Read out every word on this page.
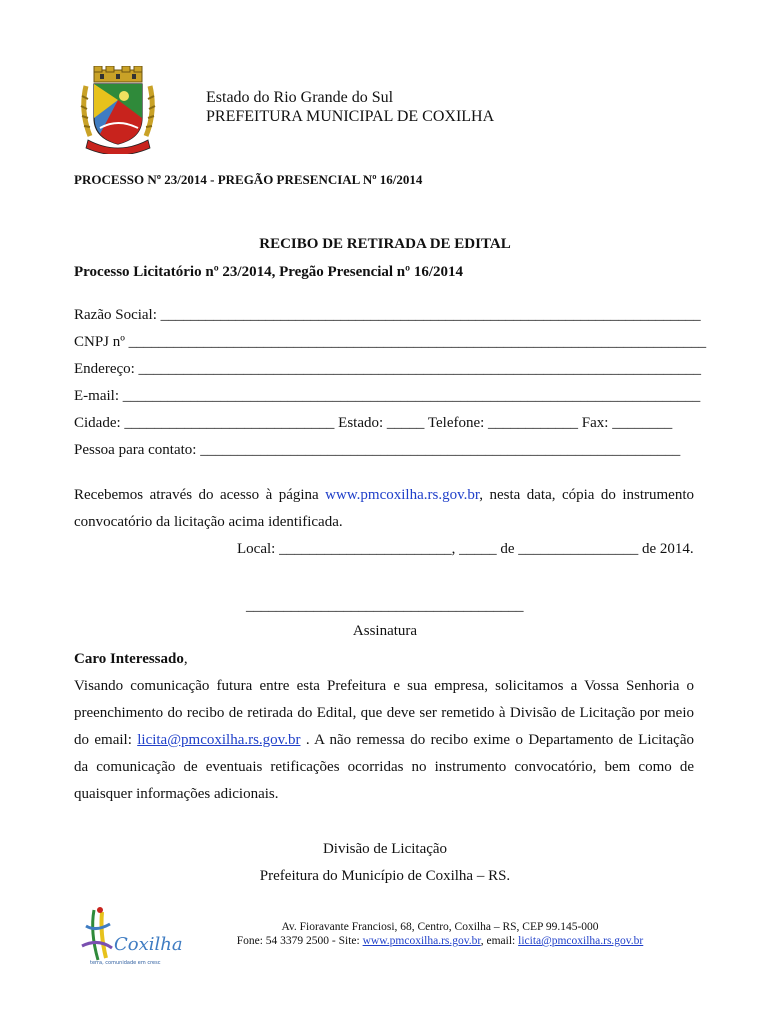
Estado do Rio Grande do Sul
PREFEITURA MUNICIPAL DE COXILHA
PROCESSO Nº 23/2014 - PREGÃO PRESENCIAL Nº 16/2014
RECIBO DE RETIRADA DE EDITAL
Processo Licitatório nº 23/2014, Pregão Presencial nº 16/2014
Razão Social: ________________________________________________________________________
CNPJ nº _____________________________________________________________________________
Endereço: ___________________________________________________________________________
E-mail: _____________________________________________________________________________
Cidade: ____________________________ Estado: _____ Telefone: ____________ Fax: ________
Pessoa para contato: ________________________________________________________________
Recebemos através do acesso à página www.pmcoxilha.rs.gov.br, nesta data, cópia do instrumento
convocatório da licitação acima identificada.
Local: _______________________, _____ de ________________ de 2014.
_____________________________________
Assinatura
Caro Interessado,
Visando comunicação futura entre esta Prefeitura e sua empresa, solicitamos a Vossa Senhoria o
preenchimento do recibo de retirada do Edital, que deve ser remetido à Divisão de Licitação por meio
do email: licita@pmcoxilha.rs.gov.br . A não remessa do recibo exime o Departamento de Licitação
da comunicação de eventuais retificações ocorridas no instrumento convocatório, bem como de
quaisquer informações adicionais.
Divisão de Licitação
Prefeitura do Município de Coxilha – RS.
Coxilha
terra, comunidade em cresc
Av. Fioravante Franciosi, 68, Centro, Coxilha – RS, CEP 99.145-000
Fone: 54 3379 2500 - Site: www.pmcoxilha.rs.gov.br, email: licita@pmcoxilha.rs.gov.br
